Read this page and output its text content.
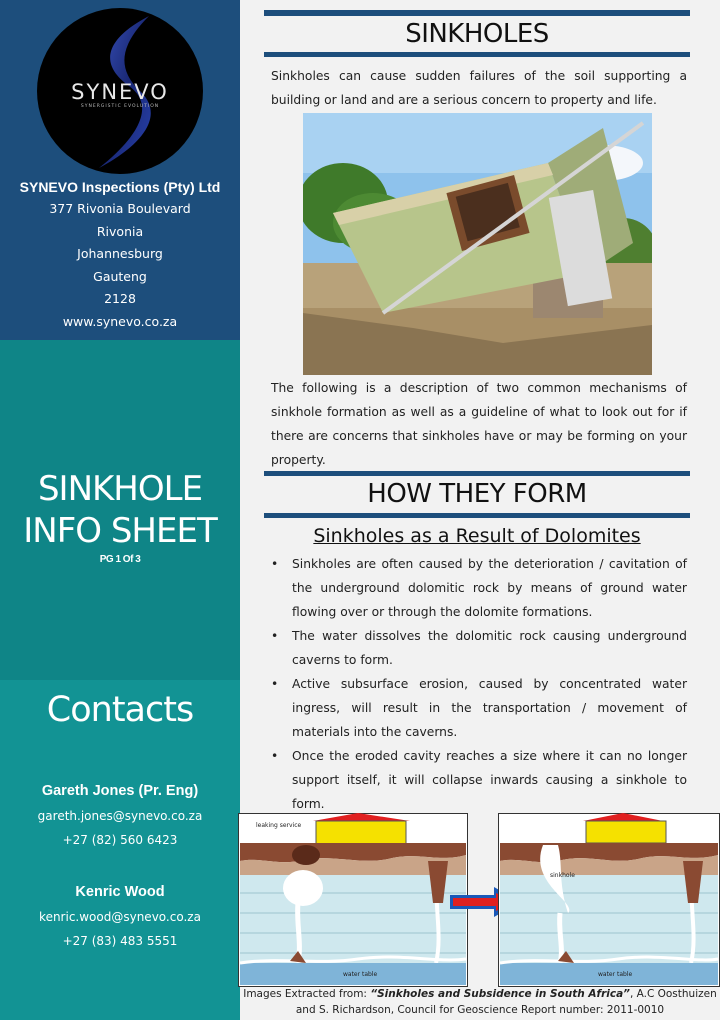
SYNEVO
SYNERGISTIC EVOLUTION
SYNEVO Inspections (Pty) Ltd
377 Rivonia Boulevard
Rivonia
Johannesburg
Gauteng
2128
www.synevo.co.za
SINKHOLE
INFO SHEET
PG 1 Of 3
Contacts
Gareth Jones (Pr. Eng)
gareth.jones@synevo.co.za
+27 (82) 560 6423
Kenric Wood
kenric.wood@synevo.co.za
+27 (83) 483 5551
SINKHOLES
Sinkholes can cause sudden failures of the soil supporting a building or land and are a serious concern to property and life.
The following is a description of two common mechanisms of sinkhole formation as well as a guideline of what to look out for if there are concerns that sinkholes have or may be forming on your property.
HOW THEY FORM
Sinkholes as a Result of Dolomites
• Sinkholes are often caused by the deterioration / cavitation of the underground dolomitic rock by means of ground water flowing over or through the dolomite formations.
• The water dissolves the dolomitic rock causing underground caverns to form.
• Active subsurface erosion, caused by concentrated water ingress, will result in the transportation / movement of materials into the caverns.
• Once the eroded cavity reaches a size where it can no longer support itself, it will collapse inwards causing a sinkhole to form.
leaking service
water table
sinkhole
water table
Images Extracted from: “Sinkholes and Subsidence in South Africa”, A.C Oosthuizen and S. Richardson, Council for Geoscience Report number: 2011-0010
